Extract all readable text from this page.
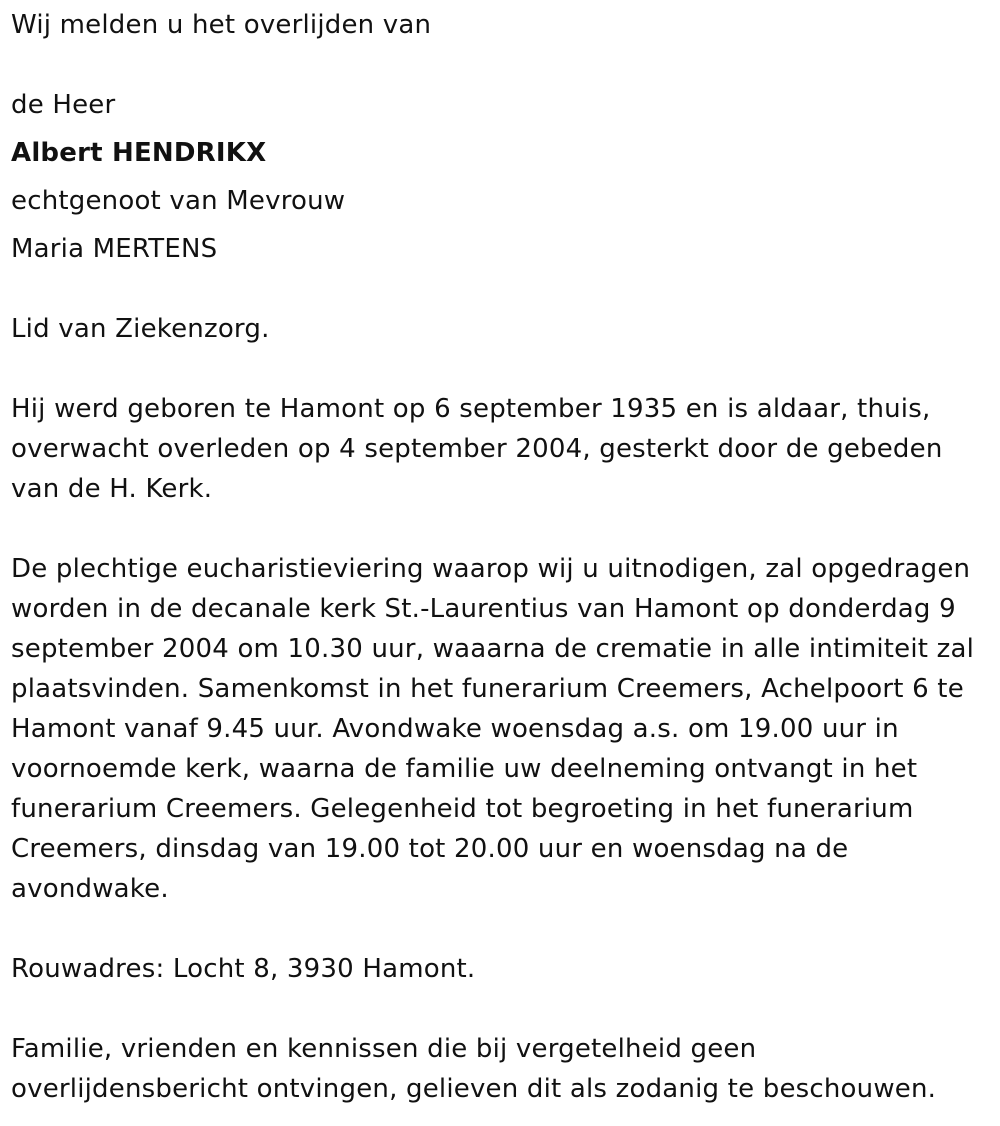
Wij melden u het overlijden van
de Heer
Albert HENDRIKX
echtgenoot van Mevrouw
Maria MERTENS
Lid van Ziekenzorg.
Hij werd geboren te Hamont op 6 september 1935 en is aldaar, thuis,
overwacht overleden op 4 september 2004, gesterkt door de gebeden
van de H. Kerk.
De plechtige eucharistieviering waarop wij u uitnodigen, zal opgedragen
worden in de decanale kerk St.-Laurentius van Hamont op donderdag 9
september 2004 om 10.30 uur, waaarna de crematie in alle intimiteit zal
plaatsvinden. Samenkomst in het funerarium Creemers, Achelpoort 6 te
Hamont vanaf 9.45 uur. Avondwake woensdag a.s. om 19.00 uur in
voornoemde kerk, waarna de familie uw deelneming ontvangt in het
funerarium Creemers. Gelegenheid tot begroeting in het funerarium
Creemers, dinsdag van 19.00 tot 20.00 uur en woensdag na de
avondwake.
Rouwadres: Locht 8, 3930 Hamont.
Familie, vrienden en kennissen die bij vergetelheid geen
overlijdensbericht ontvingen, gelieven dit als zodanig te beschouwen.
